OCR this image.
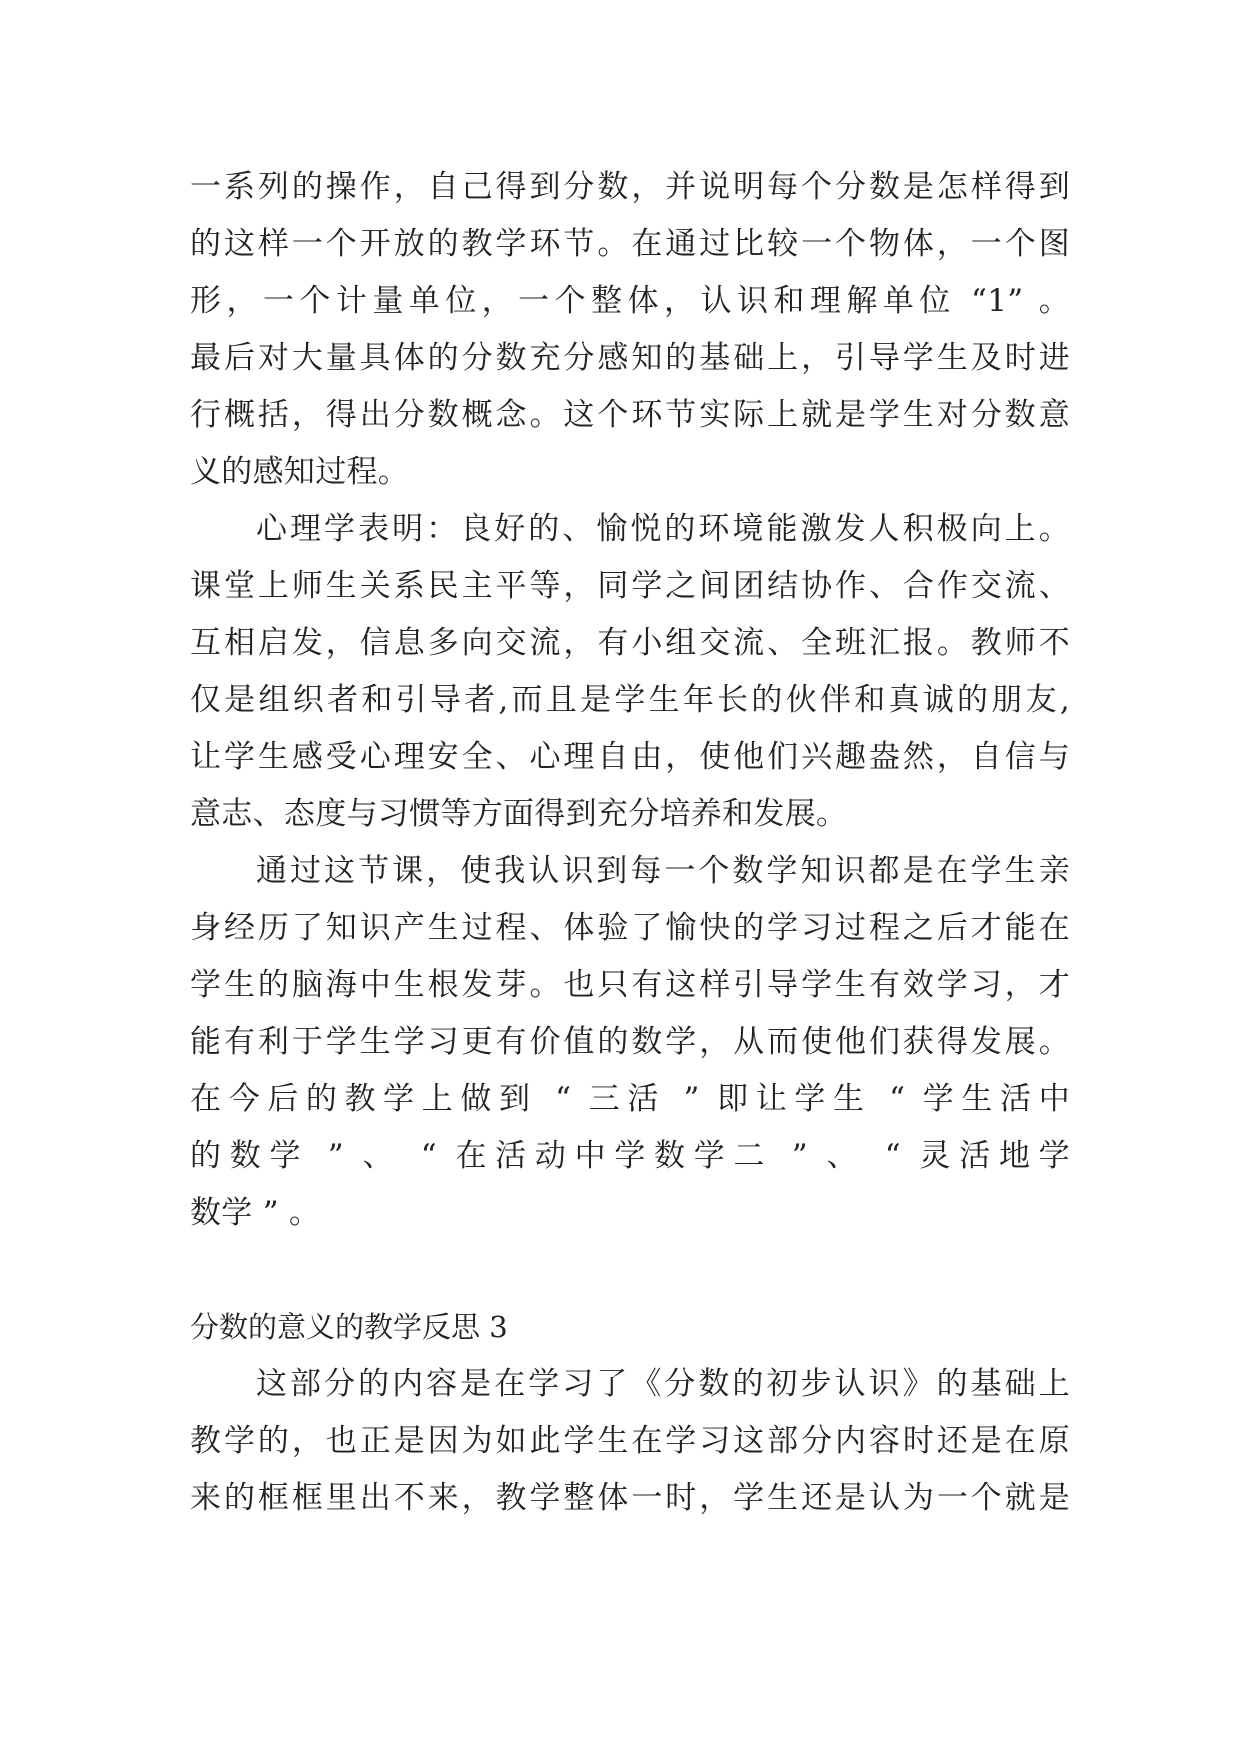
一系列的操作，自己得到分数，并说明每个分数是怎样得到
的这样一个开放的教学环节。在通过比较一个物体，一个图
形，一个计量单位，一个整体，认识和理解单位 “1” 。
最后对大量具体的分数充分感知的基础上，引导学生及时进
行概括，得出分数概念。这个环节实际上就是学生对分数意
义的感知过程。
心理学表明：良好的、愉悦的环境能激发人积极向上。
课堂上师生关系民主平等，同学之间团结协作、合作交流、
互相启发，信息多向交流，有小组交流、全班汇报。教师不
仅是组织者和引导者,而且是学生年长的伙伴和真诚的朋友,
让学生感受心理安全、心理自由，使他们兴趣盎然，自信与
意志、态度与习惯等方面得到充分培养和发展。
通过这节课，使我认识到每一个数学知识都是在学生亲
身经历了知识产生过程、体验了愉快的学习过程之后才能在
学生的脑海中生根发芽。也只有这样引导学生有效学习，才
能有利于学生学习更有价值的数学，从而使他们获得发展。
在今后的教学上做到 “ 三活 ” 即让学生 “ 学生活中
的数学 ” 、 “ 在活动中学数学二 ” 、 “ 灵活地学
数学 ” 。
分数的意义的教学反思 3
这部分的内容是在学习了《分数的初步认识》的基础上
教学的，也正是因为如此学生在学习这部分内容时还是在原
来的框框里出不来，教学整体一时，学生还是认为一个就是
